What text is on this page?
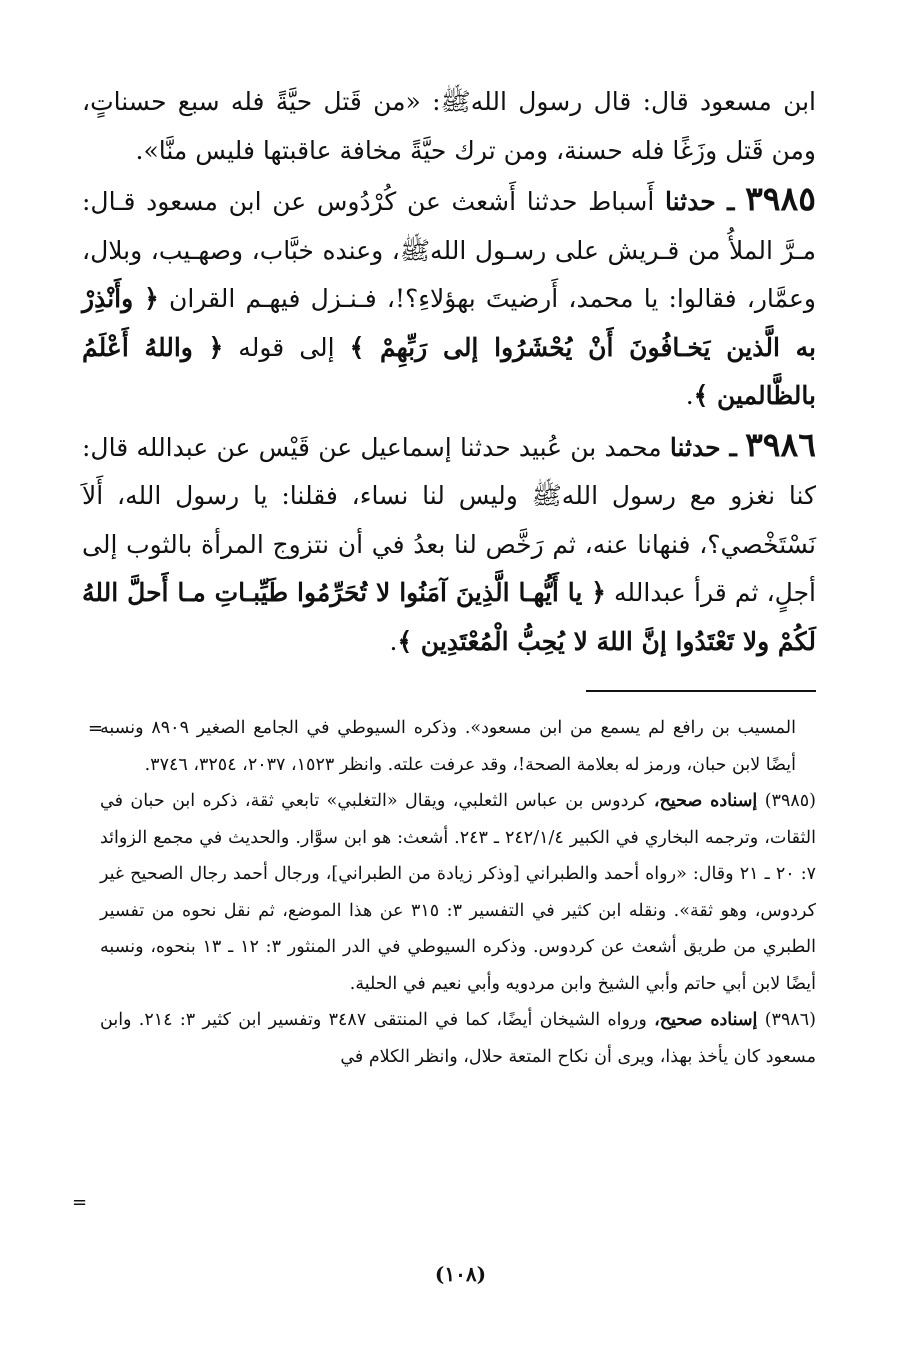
ابن مسعود قال: قال رسول اللهﷺ: «من قَتل حيَّةً فله سبع حسناتٍ، ومن قَتل وزَغًا فله حسنة، ومن ترك حيَّةً مخافة عاقبتها فليس منَّا».

٣٩٨٥ ـ حدثنا أَسباط حدثنا أَشعث عن كُرْدُوس عن ابن مسعود قـال: مـرَّ الملأُ من قـريش على رسـول اللهﷺ، وعنده خبَّاب، وصهـيب، وبلال، وعمَّار، فقالوا: يا محمد، أَرضيتَ بهؤلاءِ؟!، فـنـزل فيهـم القران ﴿ وأَنْذِرْ به الَّذين يَخـافُونَ أَنْ يُحْشَرُوا إلى رَبِّهِمْ ﴾ إلى قوله ﴿ واللهُ أَعْلَمُ بالظَّالمين ﴾.

٣٩٨٦ ـ حدثنا محمد بن عُبيد حدثنا إسماعيل عن قَيْس عن عبدالله قال: كنا نغزو مع رسول اللهﷺ وليس لنا نساء، فقلنا: يا رسول الله، أَلاَ نَسْتَخْصي؟، فنهانا عنه، ثم رَخَّص لنا بعدُ في أن نتزوج المرأة بالثوب إلى أجلٍ، ثم قرأ عبدالله ﴿ يا أَيُّهـا الَّذِينَ آمَنُوا لا تُحَرِّمُوا طَيِّبـاتِ مـا أَحلَّ اللهُ لَكُمْ ولا تَعْتَدُوا إنَّ اللهَ لا يُحِبُّ الْمُعْتَدِين ﴾.

=

المسيب بن رافع لم يسمع من ابن مسعود». وذكره السيوطي في الجامع الصغير ٨٩٠٩ ونسبه أيضًا لابن حبان، ورمز له بعلامة الصحة!، وقد عرفت علته. وانظر ١٥٢٣، ٢٠٣٧، ٣٢٥٤، ٣٧٤٦.

(٣٩٨٥) إسناده صحيح، كردوس بن عباس الثعلبي، ويقال «التغلبي» تابعي ثقة، ذكره ابن حبان في الثقات، وترجمه البخاري في الكبير ٢٤٢/١/٤ ـ ٢٤٣. أشعث: هو ابن سوَّار. والحديث في مجمع الزوائد ٧: ٢٠ ـ ٢١ وقال: «رواه أحمد والطبراني [وذكر زيادة من الطبراني]، ورجال أحمد رجال الصحيح غير كردوس، وهو ثقة». ونقله ابن كثير في التفسير ٣: ٣١٥ عن هذا الموضع، ثم نقل نحوه من تفسير الطبري من طريق أشعث عن كردوس. وذكره السيوطي في الدر المنثور ٣: ١٢ ـ ١٣ بنحوه، ونسبه أيضًا لابن أبي حاتم وأبي الشيخ وابن مردويه وأبي نعيم في الحلية.

(٣٩٨٦) إسناده صحيح، ورواه الشيخان أيضًا، كما في المنتقى ٣٤٨٧ وتفسير ابن كثير ٣: ٢١٤. وابن مسعود كان يأخذ بهذا، ويرى أن نكاح المتعة حلال، وانظر الكلام في

=
(١٠٨)
